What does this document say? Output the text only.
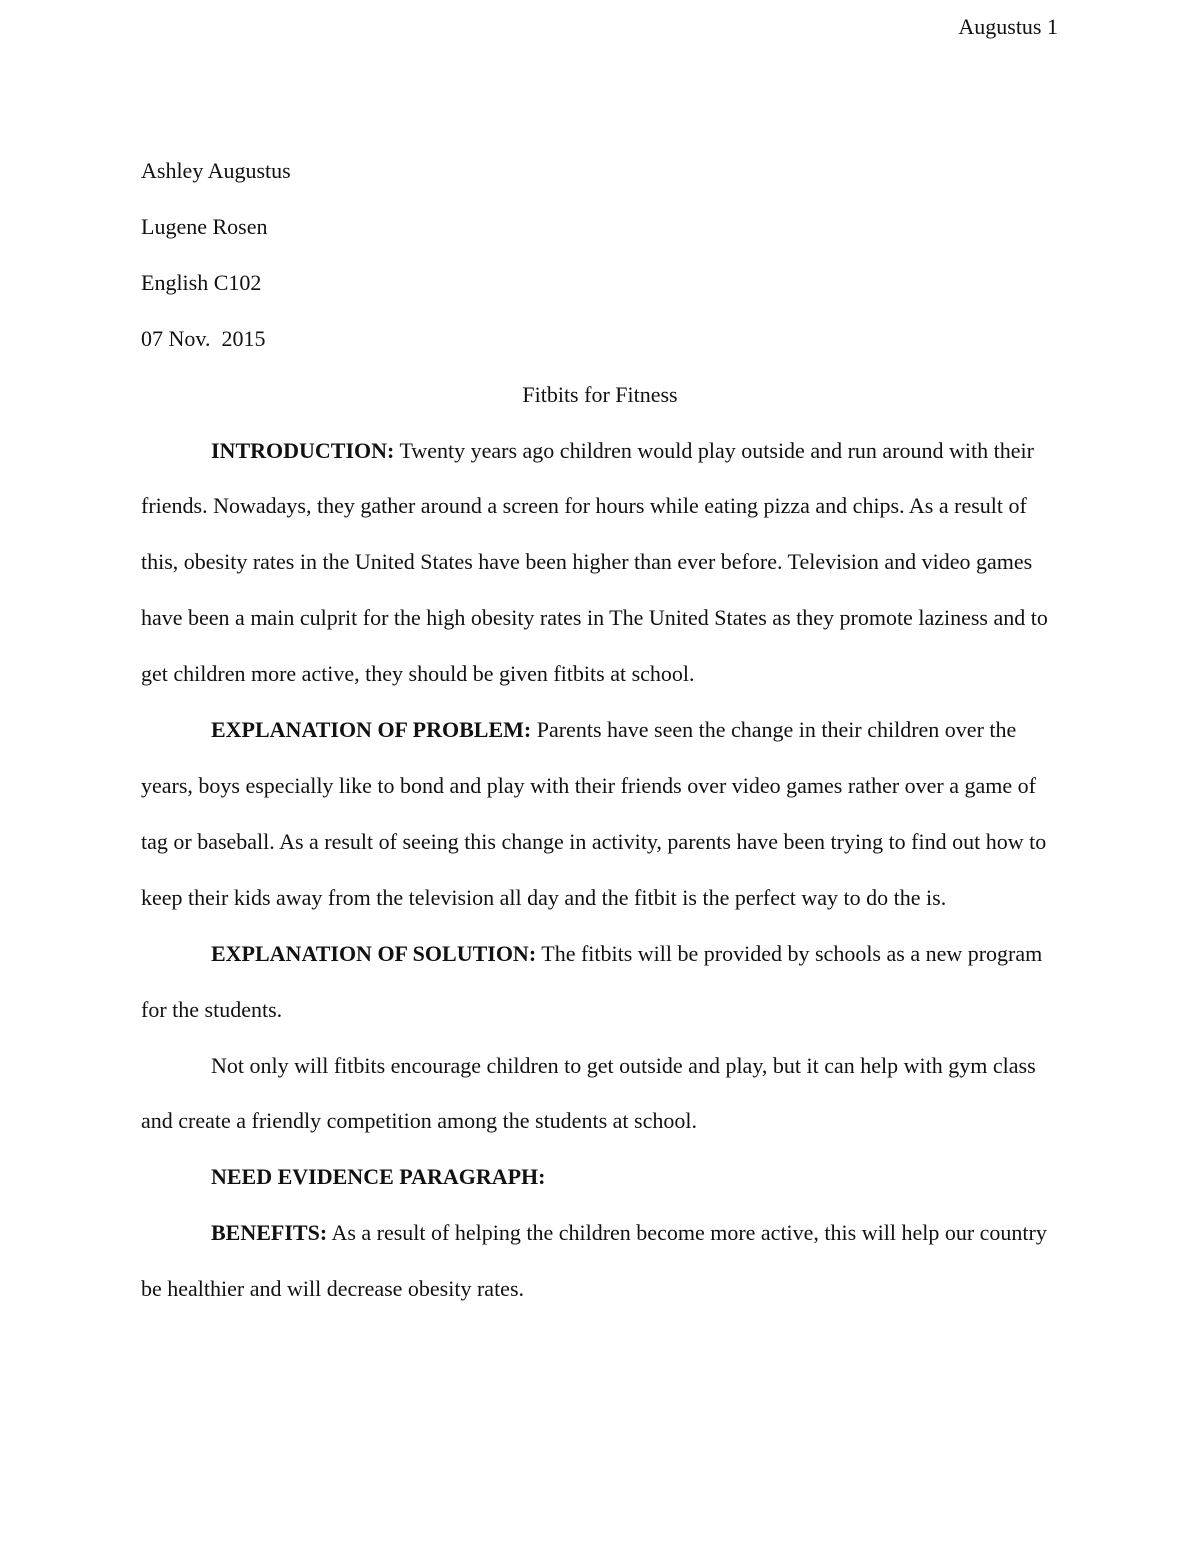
Augustus 1

Ashley Augustus

Lugene Rosen

English C102

07 Nov.  2015

Fitbits for Fitness

INTRODUCTION: Twenty years ago children would play outside and run around with their friends. Nowadays, they gather around a screen for hours while eating pizza and chips. As a result of this, obesity rates in the United States have been higher than ever before. Television and video games have been a main culprit for the high obesity rates in The United States as they promote laziness and to get children more active, they should be given fitbits at school.

EXPLANATION OF PROBLEM: Parents have seen the change in their children over the years, boys especially like to bond and play with their friends over video games rather over a game of tag or baseball. As a result of seeing this change in activity, parents have been trying to find out how to keep their kids away from the television all day and the fitbit is the perfect way to do the is.

EXPLANATION OF SOLUTION: The fitbits will be provided by schools as a new program for the students.

Not only will fitbits encourage children to get outside and play, but it can help with gym class and create a friendly competition among the students at school.

NEED EVIDENCE PARAGRAPH:

BENEFITS: As a result of helping the children become more active, this will help our country be healthier and will decrease obesity rates.
